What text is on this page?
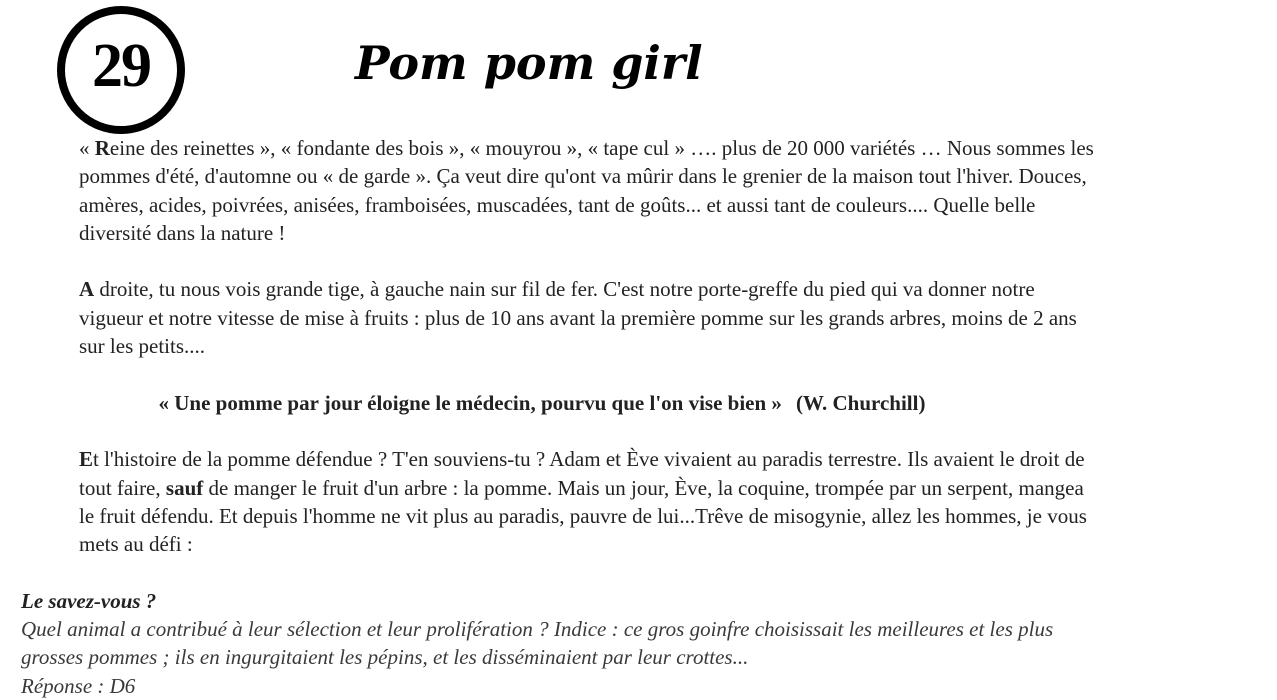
29	Pom pom girl

« Reine des reinettes », « fondante des bois », « mouyrou », « tape cul » …. plus de 20 000 variétés … Nous sommes les pommes d'été, d'automne ou « de garde ». Ça veut dire qu'ont va mûrir dans le grenier de la maison tout l'hiver. Douces, amères, acides, poivrées, anisées, framboisées, muscadées, tant de goûts... et aussi tant de couleurs.... Quelle belle diversité dans la nature !

A droite, tu nous vois grande tige, à gauche nain sur fil de fer. C'est notre porte-greffe du pied qui va donner notre vigueur et notre vitesse de mise à fruits : plus de 10 ans avant la première pomme sur les grands arbres, moins de 2 ans sur les petits....

« Une pomme par jour éloigne le médecin, pourvu que l'on vise bien » (W. Churchill)

Et l'histoire de la pomme défendue ? T'en souviens-tu ? Adam et Ève vivaient au paradis terrestre. Ils avaient le droit de tout faire, sauf de manger le fruit d'un arbre : la pomme. Mais un jour, Ève, la coquine, trompée par un serpent, mangea le fruit défendu. Et depuis l'homme ne vit plus au paradis, pauvre de lui...Trêve de misogynie, allez les hommes, je vous mets au défi :

Le savez-vous ?

Quel animal a contribué à leur sélection et leur prolifération ? Indice : ce gros goinfre choisissait les meilleures et les plus grosses pommes ; ils en ingurgitaient les pépins, et les disséminaient par leur crottes...

Réponse : D6
